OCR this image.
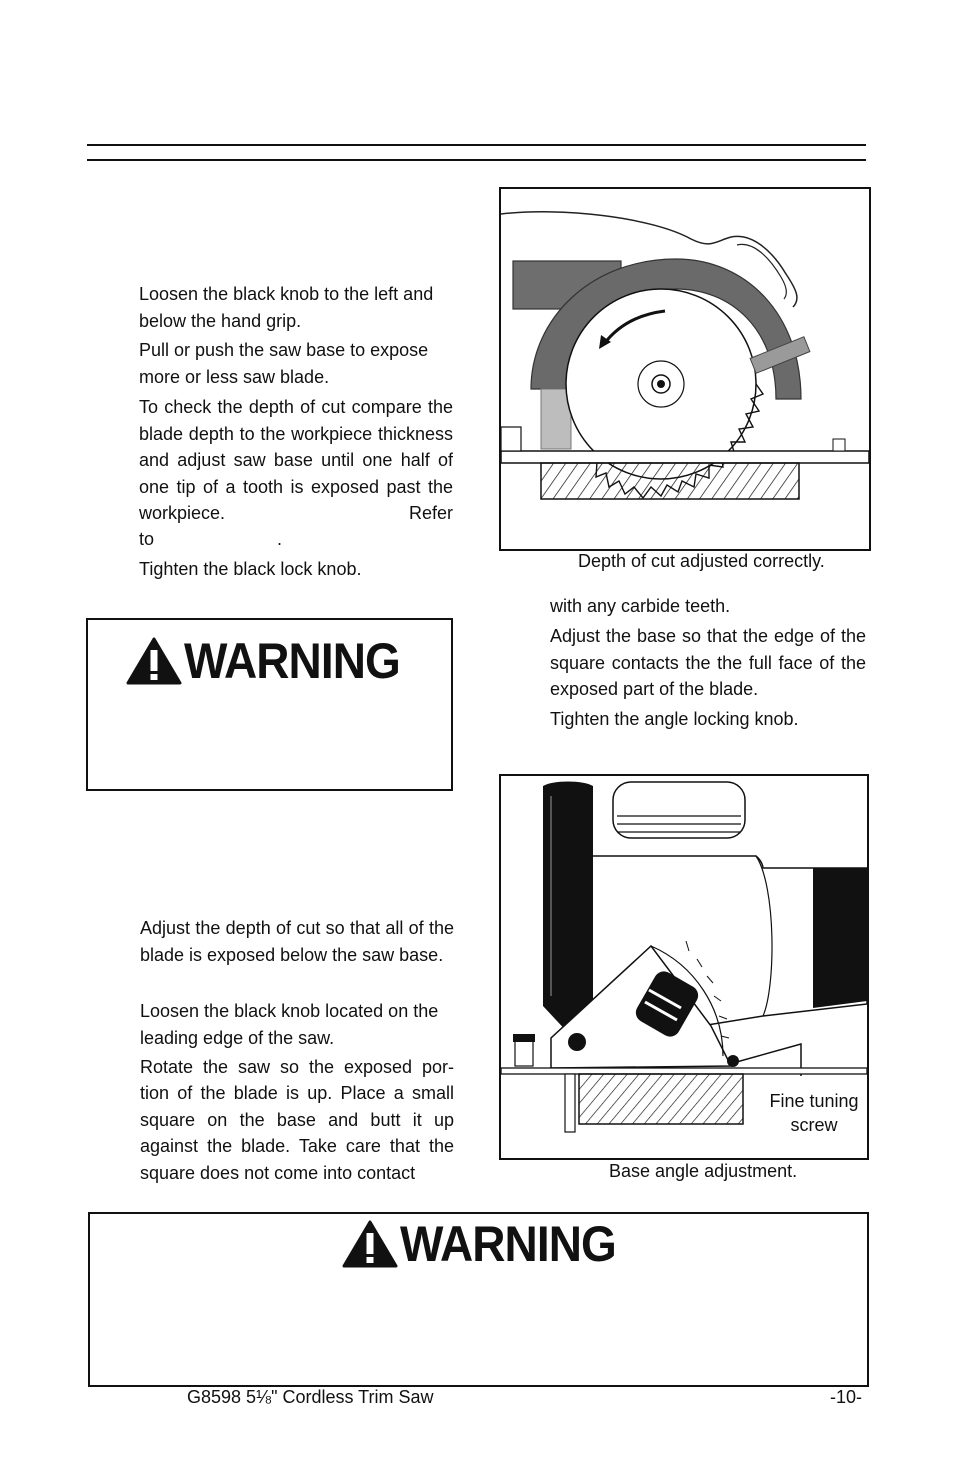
Loosen the black knob to the left and below the hand grip.

Pull or push the saw base to expose more or less saw blade.

To check the depth of cut compare the blade depth to the workpiece thickness and adjust saw base until one half of one tip of a tooth is exposed past the workpiece. Refer

to	.

Tighten the black lock knob.

WARNING

Adjust the depth of cut so that all of the blade is exposed below the saw base.

Loosen the black knob located on the leading edge of the saw.

Rotate the saw so the exposed por-

tion of the blade is up. Place a small square on the base and butt it up against the blade. Take care that the square does not come into contact

Depth of cut adjusted correctly.

with any carbide teeth.

Adjust the base so that the edge of the square contacts the the full face of the exposed part of the blade.

Tighten the angle locking knob.

Fine tuning
screw
Base angle adjustment.
WARNING
G8598 5⅛" Cordless Trim Saw	-10-
